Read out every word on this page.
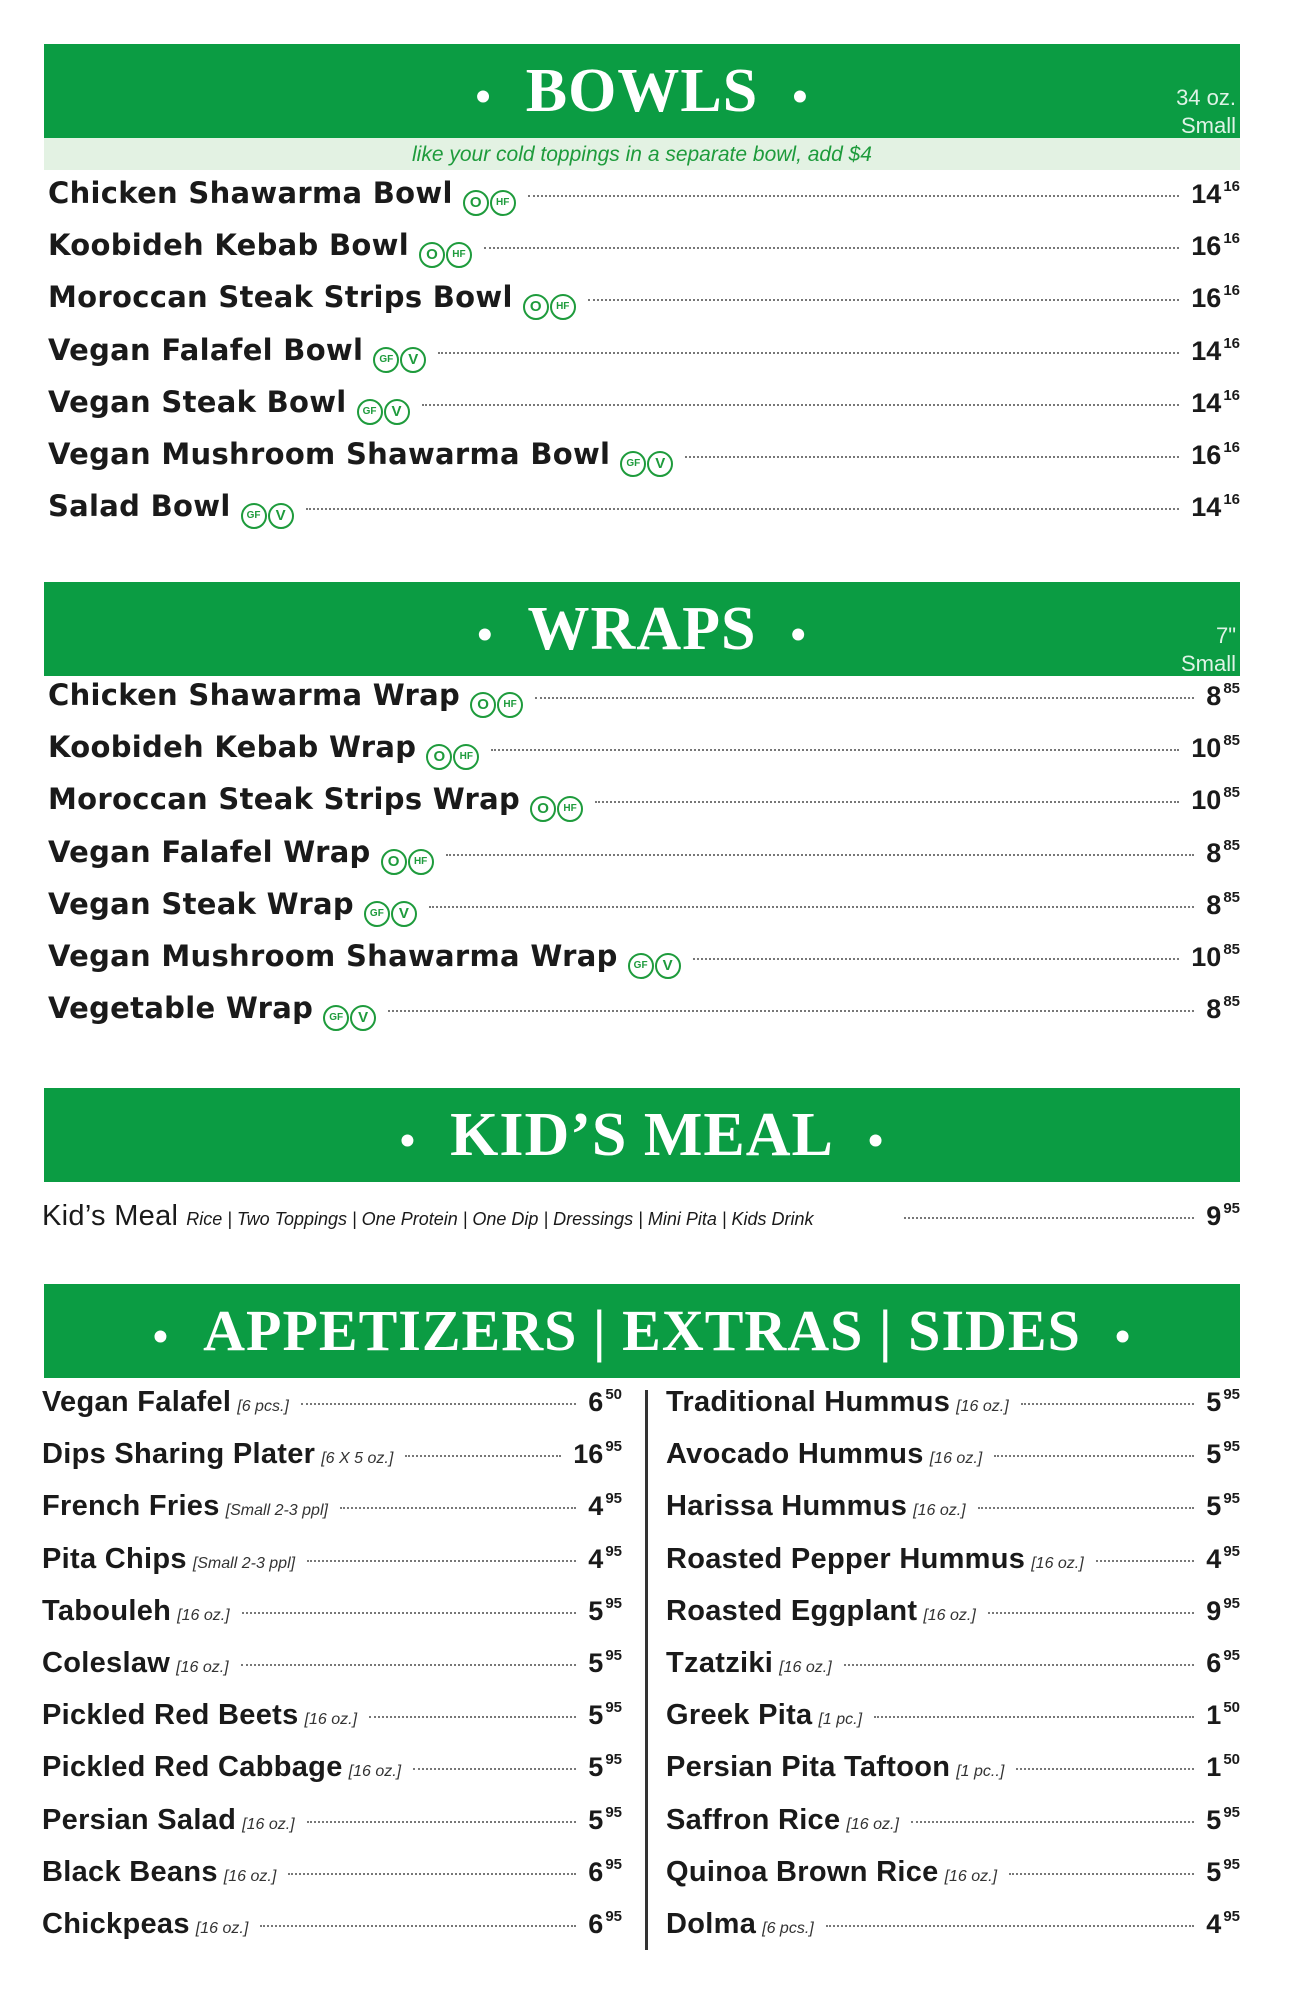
• BOWLS •	34 oz.
Small
like your cold toppings in a separate bowl, add $4
Chicken Shawarma Bowl	O	HF	14 $^{16}$
Koobideh Kebab Bowl	O	HF	16 $^{16}$
Moroccan Steak Strips Bowl	O	HF	16 $^{16}$
Vegan Falafel Bowl	GF	V	14 $^{16}$
Vegan Steak Bowl	GF	V	14 $^{16}$
Vegan Mushroom Shawarma Bowl	GF	V	16 $^{16}$
Salad Bowl	GF	V	14 $^{16}$
• WRAPS •	7"
Small
Chicken Shawarma Wrap	O	HF	8 $^{85}$
Koobideh Kebab Wrap	O	HF	10 $^{85}$
Moroccan Steak Strips Wrap	O	HF	10 $^{85}$
Vegan Falafel Wrap	O	HF	8 $^{85}$
Vegan Steak Wrap	GF	V	8 $^{85}$
Vegan Mushroom Shawarma Wrap	GF	V	10 $^{85}$
Vegetable Wrap	GF	V	8 $^{85}$
• KID’S MEAL •
Kid’s Meal Rice | Two Toppings | One Protein | One Dip | Dressings | Mini Pita | Kids Drink	9 $^{95}$
• APPETIZERS | EXTRAS | SIDES •
Vegan Falafel [6 pcs.]	6 $^{50}$
Dips Sharing Plater [6 X 5 oz.]	16 $^{95}$
French Fries [Small 2-3 ppl]	4 $^{95}$
Pita Chips [Small 2-3 ppl]	4 $^{95}$
Tabouleh [16 oz.]	5 $^{95}$
Coleslaw [16 oz.]	5 $^{95}$
Pickled Red Beets [16 oz.]	5 $^{95}$
Pickled Red Cabbage [16 oz.]	5 $^{95}$
Persian Salad [16 oz.]	5 $^{95}$
Black Beans [16 oz.]	6 $^{95}$
Chickpeas [16 oz.]	6 $^{95}$
Traditional Hummus [16 oz.]	5 $^{95}$
Avocado Hummus [16 oz.]	5 $^{95}$
Harissa Hummus [16 oz.]	5 $^{95}$
Roasted Pepper Hummus [16 oz.]	4 $^{95}$
Roasted Eggplant [16 oz.]	9 $^{95}$
Tzatziki [16 oz.]	6 $^{95}$
Greek Pita [1 pc.]	1 $^{50}$
Persian Pita Taftoon [1 pc..]	1 $^{50}$
Saffron Rice [16 oz.]	5 $^{95}$
Quinoa Brown Rice [16 oz.]	5 $^{95}$
Dolma [6 pcs.]	4 $^{95}$
